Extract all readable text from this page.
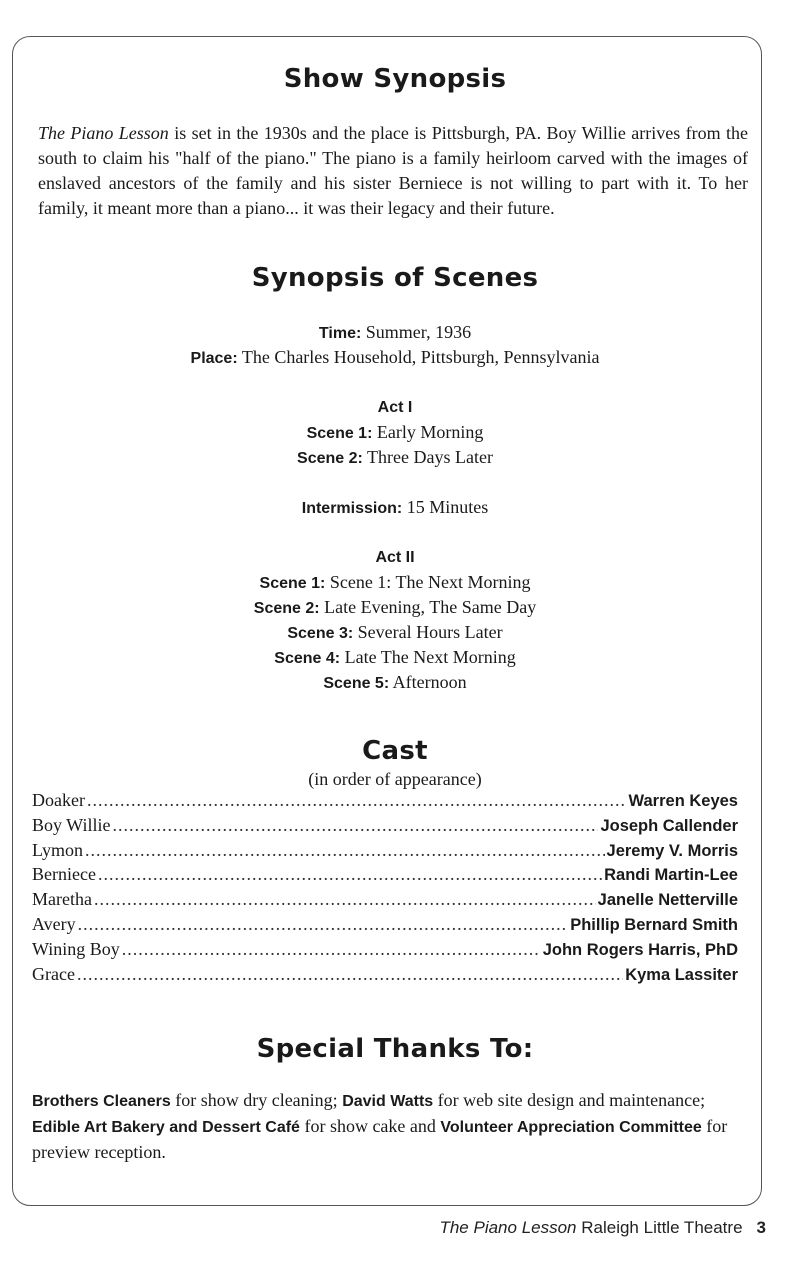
Show Synopsis

The Piano Lesson is set in the 1930s and the place is Pittsburgh, PA. Boy Willie arrives from the south to claim his "half of the piano." The piano is a family heirloom carved with the images of enslaved ancestors of the family and his sister Berniece is not willing to part with it. To her family, it meant more than a piano... it was their legacy and their future.

Synopsis of Scenes

Time: Summer, 1936

Place: The Charles Household, Pittsburgh, Pennsylvania

Act I

Scene 1: Early Morning

Scene 2: Three Days Later

Intermission: 15 Minutes

Act II

Scene 1: Scene 1: The Next Morning

Scene 2: Late Evening, The Same Day

Scene 3: Several Hours Later

Scene 4: Late The Next Morning

Scene 5: Afternoon

Cast

(in order of appearance)

Doaker .....	Warren Keyes
Boy Willie .....	Joseph Callender
Lymon .....	Jeremy V. Morris
Berniece .....	Randi Martin-Lee
Maretha .....	Janelle Netterville
Avery .....	Phillip Bernard Smith
Wining Boy .....	John Rogers Harris, PhD
Grace .....	Kyma Lassiter
Special Thanks To:

Brothers Cleaners for show dry cleaning; David Watts for web site design and maintenance; Edible Art Bakery and Dessert Café for show cake and Volunteer Appreciation Committee for preview reception.

The Piano Lesson Raleigh Little Theatre 3
